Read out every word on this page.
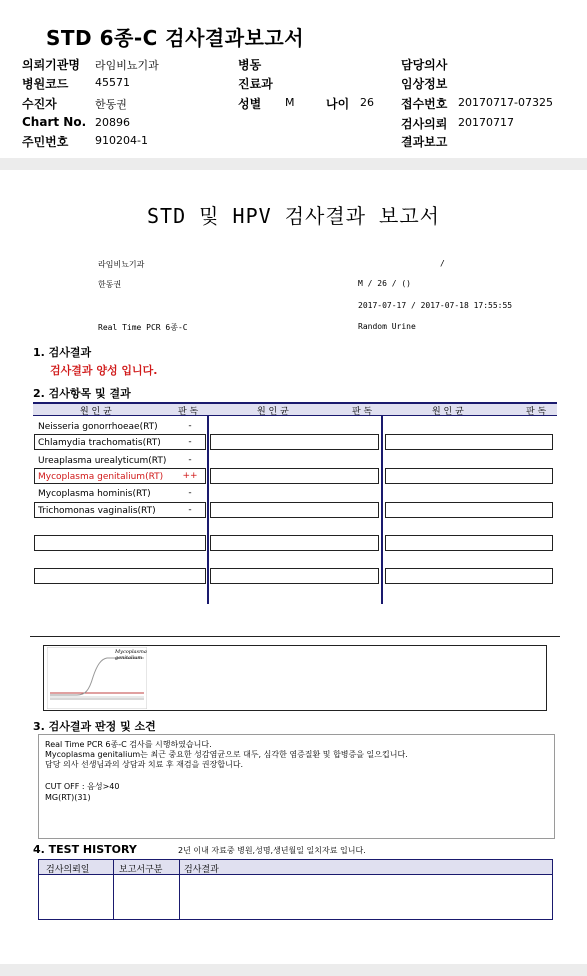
STD 6종-C 검사결과보고서
의뢰기관명 라임비뇨기과	병동	담당의사
병원코드 45571	진료과	임상정보
수진자	한동권	성별 M	나이 26 접수번호 20170717-07325
Chart No. 20896	검사의뢰 20170717
주민번호 910204-1	결과보고
STD 및 HPV 검사결과 보고서
라임비뇨기과	/
한동권	M / 26 / ()
2017-07-17 / 2017-07-18 17:55:55
Real Time PCR 6종-C	Random Urine
1. 검사결과
검사결과 양성 입니다.
2. 검사항목 및 결과
원 인 균	판 독	원 인 균	판 독	원 인 균	판 독
Neisseria gonorrhoeae(RT)	-
Chlamydia trachomatis(RT)	-
Ureaplasma urealyticum(RT)	-
Mycoplasma genitalium(RT) ++
Mycoplasma hominis(RT)	-
Trichomonas vaginalis(RT)	-
Mycoplasma genitalium
3. 검사결과 판정 및 소견
Real Time PCR 6종-C 검사를 시행하였습니다.
Mycoplasma genitalium는 최근 중요한 성감염균으로 대두, 심각한 염증질환 및 합병증을 일으킵니다.
담당 의사 선생님과의 상담과 치료 후 재검을 권장합니다.
CUT OFF : 음성>40
MG(RT)(31)
4. TEST HISTORY	2년 이내 자료중 병원,성명,생년월일 일치자료 입니다.
검사의뢰일	보고서구분 검사결과
